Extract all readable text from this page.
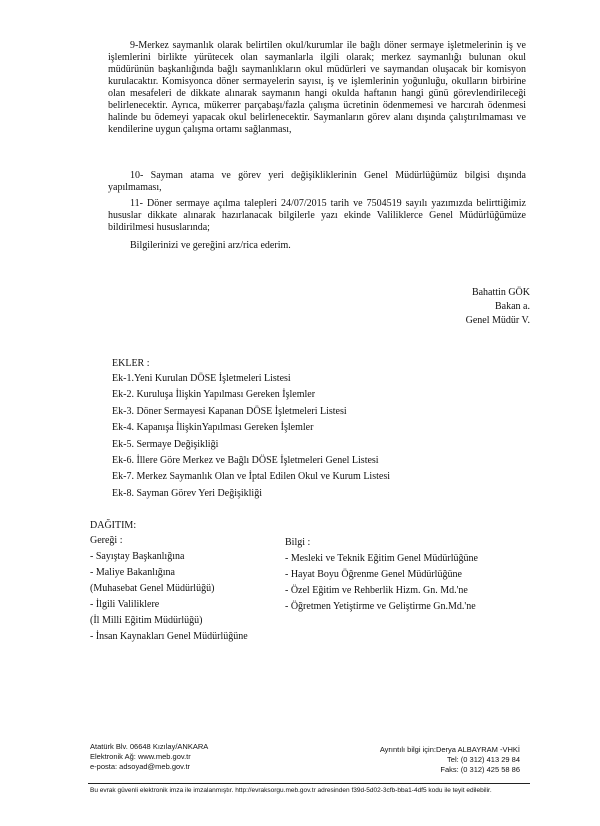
9-Merkez saymanlık olarak belirtilen okul/kurumlar ile bağlı döner sermaye işletmelerinin iş ve işlemlerini birlikte yürütecek olan saymanlarla ilgili olarak; merkez saymanlığı bulunan okul müdürünün başkanlığında bağlı saymanlıkların okul müdürleri ve saymandan oluşacak bir komisyon kurulacaktır. Komisyonca döner sermayelerin sayısı, iş ve işlemlerinin yoğunluğu, okulların birbirine olan mesafeleri de dikkate alınarak saymanın hangi okulda haftanın hangi günü görevlendirileceği belirlenecektir. Ayrıca, mükerrer parçabaşı/fazla çalışma ücretinin ödenmemesi ve harcırah ödenmesi halinde bu ödemeyi yapacak okul belirlenecektir. Saymanların görev alanı dışında çalıştırılmaması ve kendilerine uygun çalışma ortamı sağlanması,

10- Sayman atama ve görev yeri değişikliklerinin Genel Müdürlüğümüz bilgisi dışında yapılmaması,

11- Döner sermaye açılma talepleri 24/07/2015 tarih ve 7504519 sayılı yazımızda belirttiğimiz hususlar dikkate alınarak hazırlanacak bilgilerle yazı ekinde Valiliklerce Genel Müdürlüğümüze bildirilmesi hususlarında;

Bilgilerinizi ve gereğini arz/rica ederim.

Bahattin GÖK
Bakan a.
Genel Müdür V.
EKLER :
Ek-1.Yeni Kurulan DÖSE İşletmeleri Listesi
Ek-2. Kuruluşa İlişkin Yapılması Gereken İşlemler
Ek-3. Döner Sermayesi Kapanan DÖSE İşletmeleri Listesi
Ek-4. Kapanışa İlişkinYapılması Gereken İşlemler
Ek-5. Sermaye Değişikliği
Ek-6. İllere Göre Merkez ve Bağlı DÖSE İşletmeleri Genel Listesi
Ek-7. Merkez Saymanlık Olan ve İptal Edilen Okul ve Kurum Listesi
Ek-8. Sayman Görev Yeri Değişikliği
DAĞITIM:
Gereği :
- Sayıştay Başkanlığına
- Maliye Bakanlığına
(Muhasebat Genel Müdürlüğü)
- İlgili Valiliklere
(İl Milli Eğitim Müdürlüğü)
- İnsan Kaynakları Genel Müdürlüğüne
Bilgi :
- Mesleki ve Teknik Eğitim Genel Müdürlüğüne
- Hayat Boyu Öğrenme Genel Müdürlüğüne
- Özel Eğitim ve Rehberlik Hizm. Gn. Md.'ne
- Öğretmen Yetiştirme ve Geliştirme Gn.Md.'ne
Atatürk Blv. 06648 Kızılay/ANKARA
Elektronik Ağ: www.meb.gov.tr
e-posta: adsoyad@meb.gov.tr
Ayrıntılı bilgi için:Derya ALBAYRAM -VHKİ
Tel: (0 312) 413 29 84
Faks: (0 312) 425 58 86
Bu evrak güvenli elektronik imza ile imzalanmıştır. http://evraksorgu.meb.gov.tr adresinden f39d-5d02-3cfb-bba1-4df5 kodu ile teyit edilebilir.
